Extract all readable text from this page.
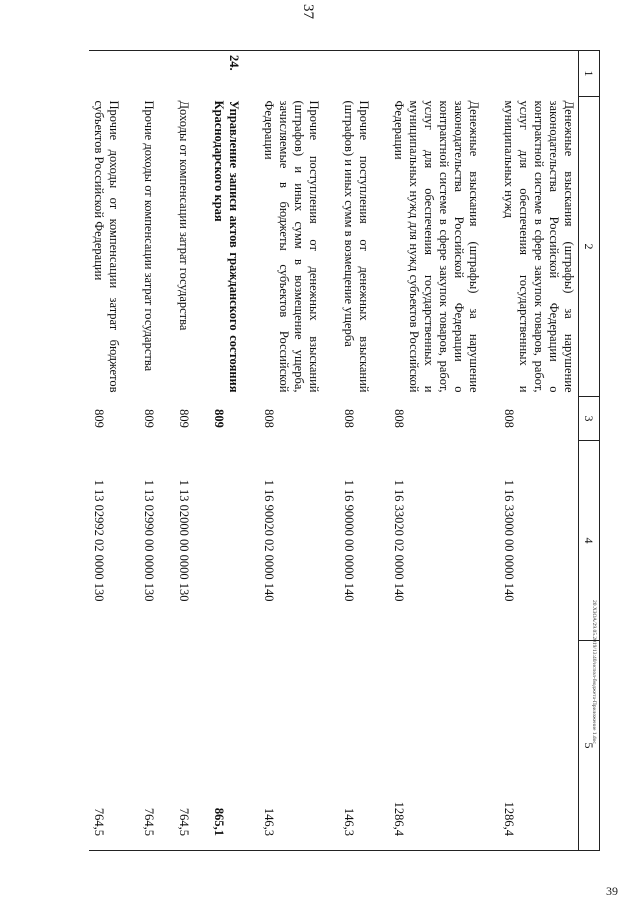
37
1	2	3	4	5
	Денежные взыскания (штрафы) за нарушение законодательства Российской Федерации о контрактной системе в сфере закупок товаров, работ, услуг для обеспечения государственных и муниципальных нужд	808	1 16 33000 00 0000 140	1286,4

	Денежные взыскания (штрафы) за нарушение законодательства Российской Федерации о контрактной системе в сфере закупок товаров, работ, услуг для обеспечения государственных и муниципальных нужд для нужд субъектов Российской Федерации	808	1 16 33020 02 0000 140	1286,4

	Прочие поступления от денежных взысканий (штрафов) и иных сумм в возмещение ущерба	808	1 16 90000 00 0000 140	146,3

	Прочие поступления от денежных взысканий (штрафов) и иных сумм в возмещение ущерба, зачисляемые в бюджеты субъектов Российской Федерации	808	1 16 90020 02 0000 140	146,3

24.	Управление записи актов гражданского состояния Краснодарского края	809		865,1

	Доходы от компенсации затрат государства	809	1 13 02000 00 0000 130	764,5

	Прочие доходы от компенсации затрат государства	809	1 13 02990 00 0000 130	764,5

	Прочие доходы от компенсации затрат бюджетов субъектов Российской Федерации	809	1 13 02992 02 0000 130	764,5
20.ХЗОА/29.05.2019/13:40/испол-бюджета-Приложение 1.doc
39
